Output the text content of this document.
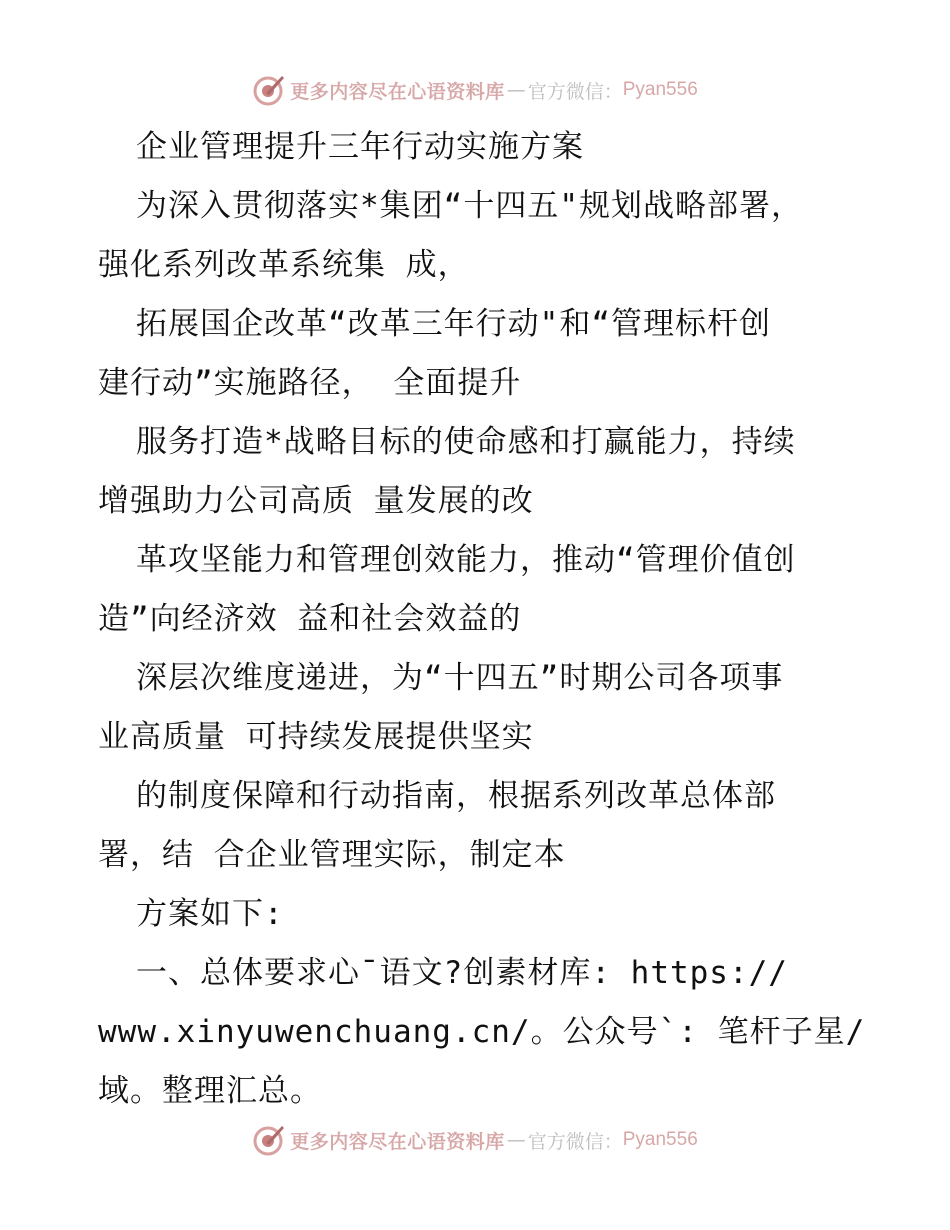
更多内容尽在心语资料库 — 官方微信： Pyan556
企业管理提升三年行动实施方案
为深入贯彻落实*集团“十四五"规划战略部署，
强化系列改革系统集 成，
拓展国企改革“改革三年行动"和“管理标杆创
建行动”实施路径， 全面提升
服务打造*战略目标的使命感和打赢能力，持续
增强助力公司高质 量发展的改
革攻坚能力和管理创效能力，推动“管理价值创
造”向经济效 益和社会效益的
深层次维度递进，为“十四五”时期公司各项事
业高质量 可持续发展提供坚实
的制度保障和行动指南，根据系列改革总体部
署，结 合企业管理实际，制定本
方案如下:
一、总体要求心¯语文?创素材库: https://
www.xinyuwenchuang.cn/。公众号`: 笔杆子星/
域。整理汇总。
更多内容尽在心语资料库 — 官方微信： Pyan556
